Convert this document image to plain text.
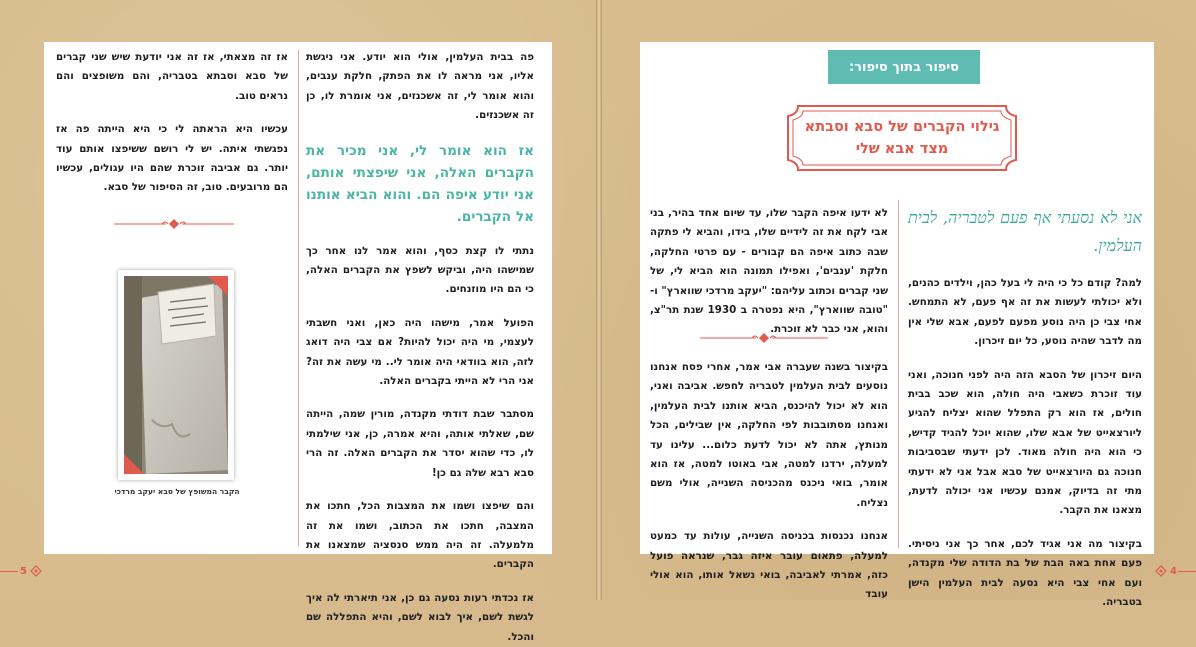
פה בבית העלמין, אולי הוא יודע. אני ניגשת אליו, אני מראה לו את הפתק, חלקת ענבים, והוא אומר לי, זה אשכנזים, אני אומרת לו, כן זה אשכנזים.

אז הוא אומר לי, אני מכיר את הקברים האלה, אני שיפצתי אותם, אני יודע איפה הם. והוא הביא אותנו אל הקברים.

נתתי לו קצת כסף, והוא אמר לנו אחר כך שמישהו היה, וביקש לשפץ את הקברים האלה, כי הם היו מוזנחים.

הפועל אמר, מישהו היה כאן, ואני חשבתי לעצמי, מי היה יכול להיות? אם צבי היה דואג לזה, הוא בוודאי היה אומר לי.. מי עשה את זה? אני הרי לא הייתי בקברים האלה.

מסתבר שבת דודתי מקנדה, מורין שמה, הייתה שם, שאלתי אותה, והיא אמרה, כן, אני שילמתי לו, כדי שהוא יסדר את הקברים האלה. זה הרי סבא רבא שלה גם כן!

והם שיפצו ושמו את המצבות הכל, חתכו את המצבה, חתכו את הכתוב, ושמו את זה מלמעלה. זה היה ממש סנסציה שמצאנו את הקברים.

אז נכדתי רעות נסעה גם כן, אני תיארתי לה איך לגשת לשם, איך לבוא לשם, והיא התפללה שם והכל.

אז זה מצאתי, אז זה אני יודעת שיש שני קברים של סבא וסבתא בטבריה, והם משופצים והם נראים טוב.

עכשיו היא הראתה לי כי היא הייתה פה אז נפגשתי איתה. יש לי רושם ששיפצו אותם עוד יותר. גם אביבה זוכרת שהם היו עגולים, עכשיו הם מרובעים. טוב, זה הסיפור של סבא.

הקבר המשופץ של סבא יעקב מרדכי
5

לא ידעו איפה הקבר שלו, עד שיום אחד בהיר, בני אבי לקח את זה לידיים שלו, בידו, והביא לי פתקה שבה כתוב איפה הם קבורים - עם פרטי החלקה, חלקת 'ענבים', ואפילו תמונה הוא הביא לי, של שני קברים וכתוב עליהם: "יעקב מרדכי שווארץ" ו-"טובה שווארץ", היא נפטרה ב 1930 שנת תר"צ, והוא, אני כבר לא זוכרת.

בקיצור בשנה שעברה אבי אמר, אחרי פסח אנחנו נוסעים לבית העלמין לטבריה לחפש. אביבה ואני, הוא לא יכול להיכנס, הביא אותנו לבית העלמין, ואנחנו מסתובבות לפי החלקה, אין שבילים, הכל מנותץ, אתה לא יכול לדעת כלום... עלינו עד למעלה, ירדנו למטה, אבי באוטו למטה, אז הוא אומר, בואי ניכנס מהכניסה השנייה, אולי משם נצליח.

אנחנו נכנסות בכניסה השנייה, עולות עד כמעט למעלה, פתאום עובר איזה גבר, שנראה פועל כזה, אמרתי לאביבה, בואי נשאל אותו, הוא אולי עובד

אני לא נסעתי אף פעם לטבריה, לבית העלמין.

למה? קודם כל כי היה לי בעל כהן, וילדים כהנים, ולא יכולתי לעשות את זה אף פעם, לא התמחש. אחי צבי כן היה נוסע מפעם לפעם, אבא שלי אין מה לדבר שהיה נוסע, כל יום זיכרון.

היום זיכרון של הסבא הזה היה לפני חנוכה, ואני עוד זוכרת כשאבי היה חולה, הוא שכב בבית חולים, אז הוא רק התפלל שהוא יצליח להגיע ליורצאייט של אבא שלו, שהוא יוכל להגיד קדיש, כי הוא היה חולה מאוד. לכן ידעתי שבסביבות חנוכה גם היורצאייט של סבא אבל אני לא ידעתי מתי זה בדיוק, אמנם עכשיו אני יכולה לדעת, מצאנו את הקבר.

בקיצור מה אני אגיד לכם, אחר כך אני ניסיתי. פעם אחת באה הבת של בת הדודה שלי מקנדה, ועם אחי צבי היא נסעה לבית העלמין הישן בטבריה.

סיפור בתוך סיפור:
גילוי הקברים של סבא וסבתא מצד אבא שלי
4
